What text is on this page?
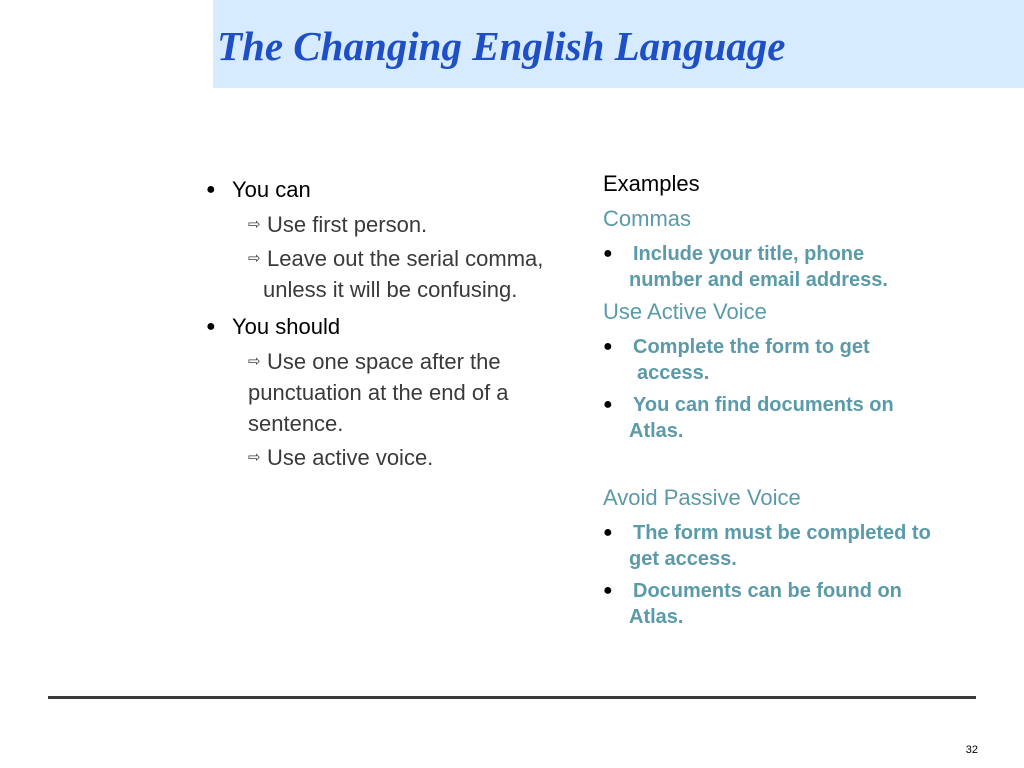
The Changing English Language
● You can
⇨ Use first person.
⇨ Leave out the serial comma,
unless it will be confusing.
● You should
⇨ Use one space after the
punctuation at the end of a
sentence.
⇨ Use active voice.
Examples
Commas
● Include your title, phone
number and email address.
Use Active Voice
● Complete the form to get
access.
● You can find documents on
Atlas.
Avoid Passive Voice
● The form must be completed to
get access.
● Documents can be found on
Atlas.
32
